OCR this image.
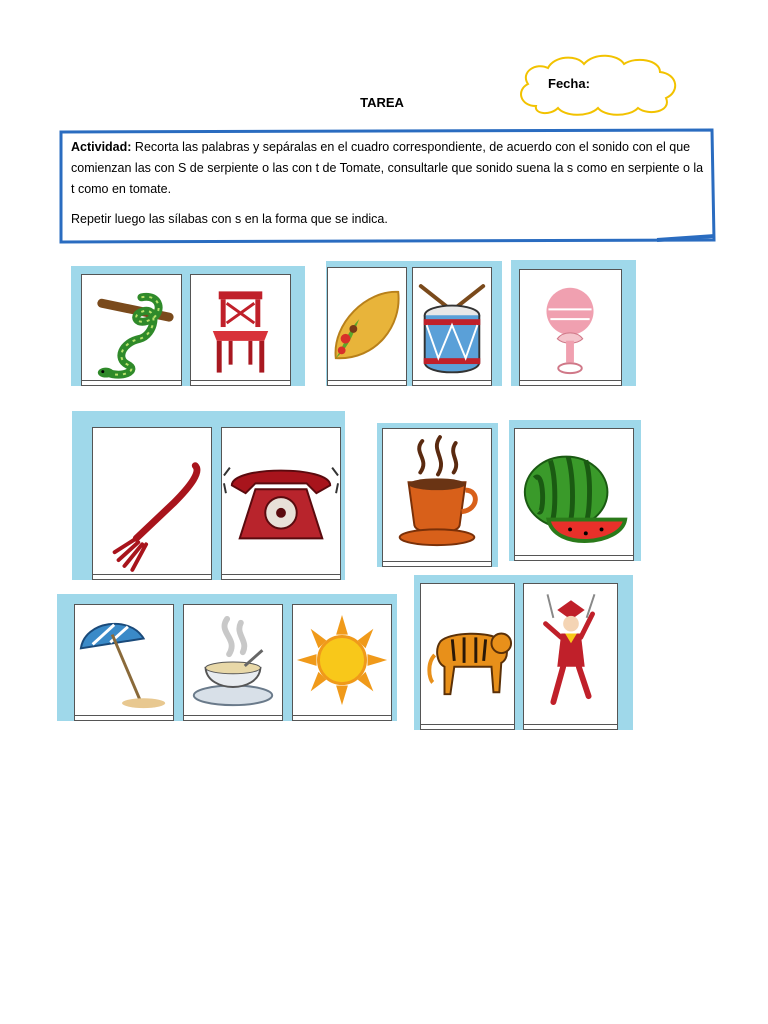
Fecha:
TAREA

Actividad: Recorta las palabras y sepáralas en el cuadro correspondiente, de acuerdo con el sonido con el que comienzan las con S de serpiente o las con t de Tomate, consultarle que sonido suena la s como en serpiente o la t como en tomate.

Repetir luego las sílabas con s en la forma que se indica.
